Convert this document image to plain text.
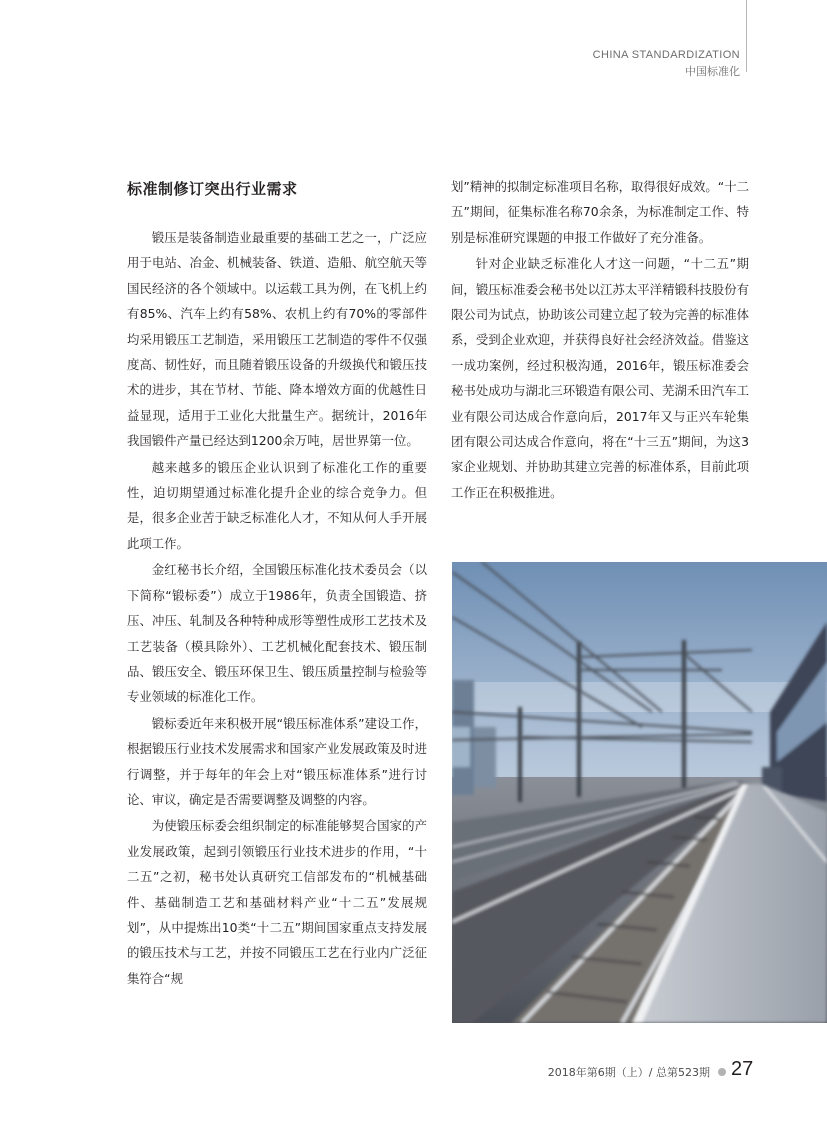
CHINA STANDARDIZATION
中国标准化
标准制修订突出行业需求

锻压是装备制造业最重要的基础工艺之一，广泛应用于电站、冶金、机械装备、铁道、造船、航空航天等国民经济的各个领域中。以运载工具为例，在飞机上约有85%、汽车上约有58%、农机上约有70%的零部件均采用锻压工艺制造，采用锻压工艺制造的零件不仅强度高、韧性好，而且随着锻压设备的升级换代和锻压技术的进步，其在节材、节能、降本增效方面的优越性日益显现，适用于工业化大批量生产。据统计，2016年我国锻件产量已经达到1200余万吨，居世界第一位。

越来越多的锻压企业认识到了标准化工作的重要性，迫切期望通过标准化提升企业的综合竞争力。但是，很多企业苦于缺乏标准化人才，不知从何人手开展此项工作。

金红秘书长介绍，全国锻压标准化技术委员会（以下简称“锻标委”）成立于1986年，负责全国锻造、挤压、冲压、轧制及各种特种成形等塑性成形工艺技术及工艺装备（模具除外）、工艺机械化配套技术、锻压制品、锻压安全、锻压环保卫生、锻压质量控制与检验等专业领域的标准化工作。

锻标委近年来积极开展“锻压标准体系”建设工作，根据锻压行业技术发展需求和国家产业发展政策及时进行调整，并于每年的年会上对“锻压标准体系”进行讨论、审议，确定是否需要调整及调整的内容。

为使锻压标委会组织制定的标准能够契合国家的产业发展政策，起到引领锻压行业技术进步的作用，“十二五”之初，秘书处认真研究工信部发布的“机械基础件、基础制造工艺和基础材料产业“十二五”发展规划”，从中提炼出10类“十二五”期间国家重点支持发展的锻压技术与工艺，并按不同锻压工艺在行业内广泛征集符合“规

划”精神的拟制定标准项目名称，取得很好成效。“十二五”期间，征集标准名称70余条，为标准制定工作、特别是标准研究课题的申报工作做好了充分准备。

针对企业缺乏标准化人才这一问题，“十二五”期间，锻压标准委会秘书处以江苏太平洋精锻科技股份有限公司为试点，协助该公司建立起了较为完善的标准体系，受到企业欢迎，并获得良好社会经济效益。借鉴这一成功案例，经过积极沟通，2016年，锻压标准委会秘书处成功与湖北三环锻造有限公司、芜湖禾田汽车工业有限公司达成合作意向后，2017年又与正兴车轮集团有限公司达成合作意向，将在“十三五”期间，为这3家企业规划、并协助其建立完善的标准体系，目前此项工作正在积极推进。

2018年第6期（上）/ 总第523期 27
